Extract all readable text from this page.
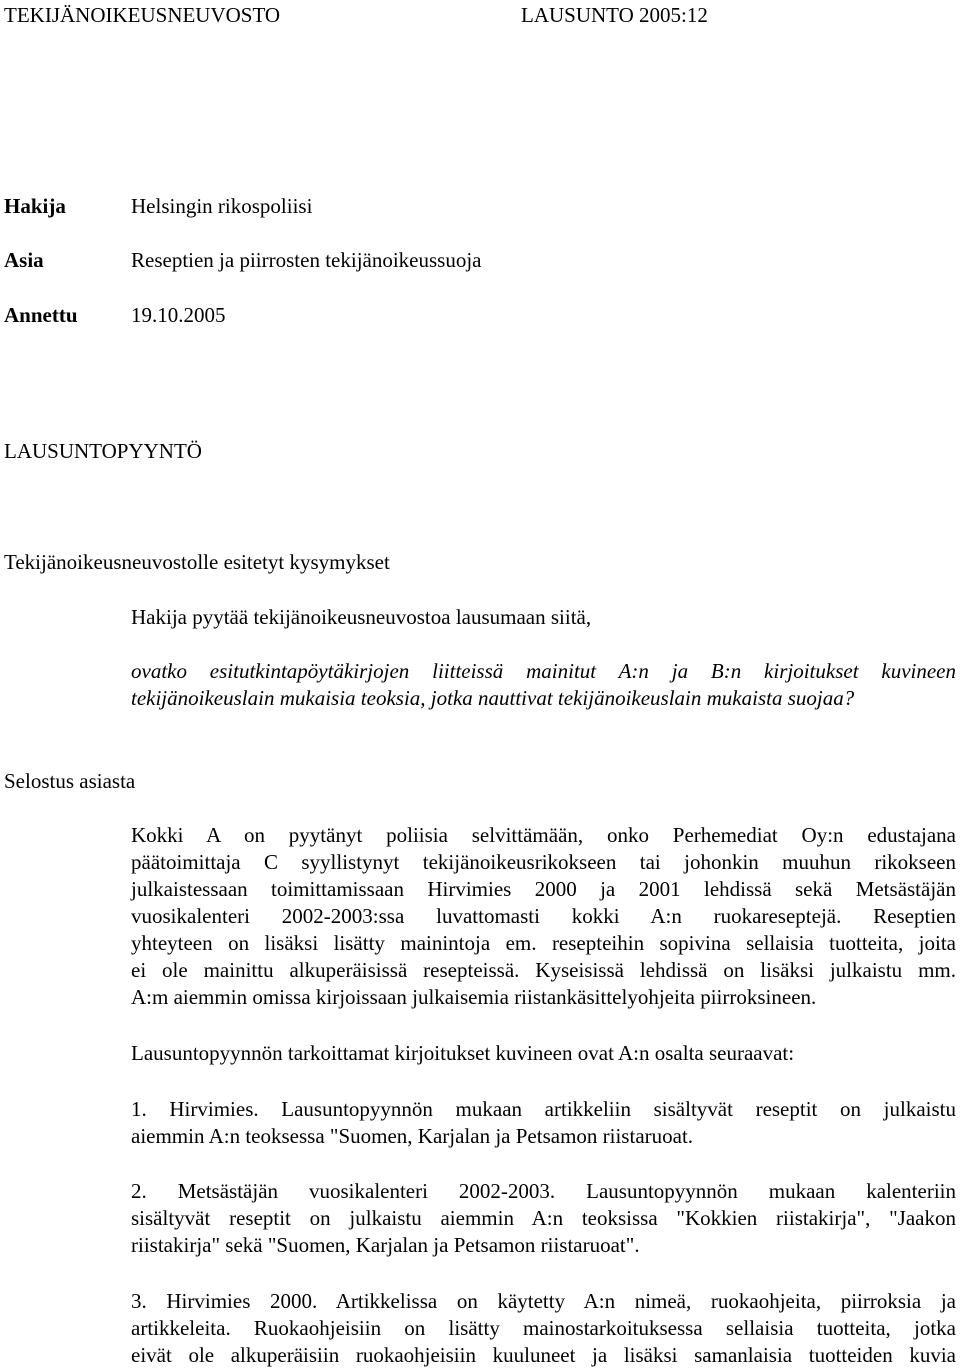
TEKIJÄNOIKEUSNEUVOSTO	LAUSUNTO 2005:12
Hakija	Helsingin rikospoliisi
Asia	Reseptien ja piirrosten tekijänoikeussuoja
Annettu	19.10.2005
LAUSUNTOPYYNTÖ
Tekijänoikeusneuvostolle esitetyt kysymykset
Hakija pyytää tekijänoikeusneuvostoa lausumaan siitä,
ovatko esitutkintapöytäkirjojen liitteissä mainitut A:n ja B:n kirjoitukset kuvineen
tekijänoikeuslain mukaisia teoksia, jotka nauttivat tekijänoikeuslain mukaista suojaa?
Selostus asiasta
Kokki A on pyytänyt poliisia selvittämään, onko Perhemediat Oy:n edustajana
päätoimittaja C syyllistynyt tekijänoikeusrikokseen tai johonkin muuhun rikokseen
julkaistessaan toimittamissaan Hirvimies 2000 ja 2001 lehdissä sekä Metsästäjän
vuosikalenteri 2002-2003:ssa luvattomasti kokki A:n ruokareseptejä. Reseptien
yhteyteen on lisäksi lisätty mainintoja em. resepteihin sopivina sellaisia tuotteita, joita
ei ole mainittu alkuperäisissä resepteissä. Kyseisissä lehdissä on lisäksi julkaistu mm.
A:m aiemmin omissa kirjoissaan julkaisemia riistankäsittelyohjeita piirroksineen.
Lausuntopyynnön tarkoittamat kirjoitukset kuvineen ovat A:n osalta seuraavat:
1. Hirvimies. Lausuntopyynnön mukaan artikkeliin sisältyvät reseptit on julkaistu
aiemmin A:n teoksessa "Suomen, Karjalan ja Petsamon riistaruoat.
2. Metsästäjän vuosikalenteri 2002-2003. Lausuntopyynnön mukaan kalenteriin
sisältyvät reseptit on julkaistu aiemmin A:n teoksissa "Kokkien riistakirja", "Jaakon
riistakirja" sekä "Suomen, Karjalan ja Petsamon riistaruoat".
3. Hirvimies 2000. Artikkelissa on käytetty A:n nimeä, ruokaohjeita, piirroksia ja
artikkeleita. Ruokaohjeisiin on lisätty mainostarkoituksessa sellaisia tuotteita, jotka
eivät ole alkuperäisiin ruokaohjeisiin kuuluneet ja lisäksi samanlaisia tuotteiden kuvia
